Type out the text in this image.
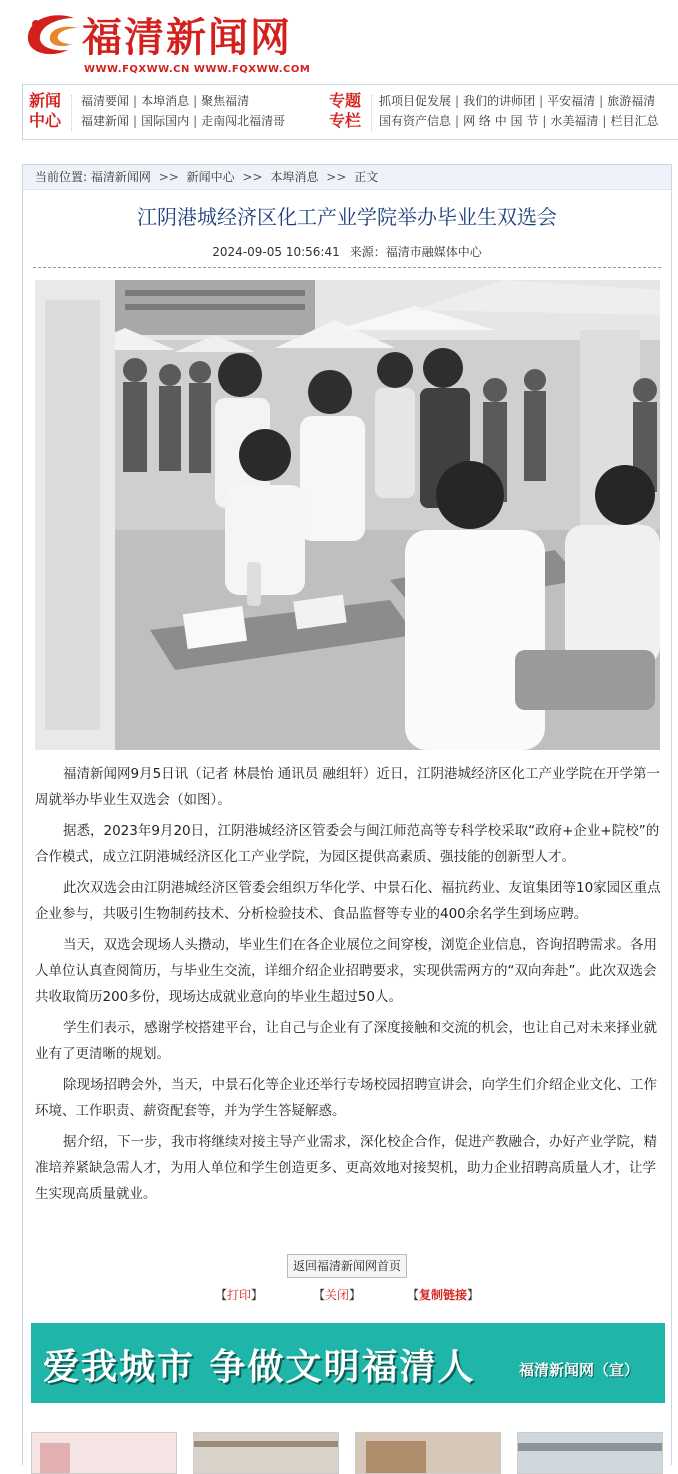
福清新闻网
WWW.FQXWW.CN WWW.FQXWW.COM
新闻中心
福清要闻 | 本埠消息 | 聚焦福清
福建新闻 | 国际国内 | 走南闯北福清哥
专题专栏
抓项目促发展 | 我们的讲师团 | 平安福清 | 旅游福清
国有资产信息 | 网 络 中 国 节 | 水美福清 | 栏目汇总
当前位置: 福清新闻网 >> 新闻中心 >> 本埠消息 >> 正文
江阴港城经济区化工产业学院举办毕业生双选会
2024-09-05 10:56:41 来源：福清市融媒体中心

福清新闻网9月5日讯（记者 林晨怡 通讯员 融组轩）近日，江阴港城经济区化工产业学院在开学第一周就举办毕业生双选会（如图）。

据悉，2023年9月20日，江阴港城经济区管委会与闽江师范高等专科学校采取“政府+企业+院校”的合作模式，成立江阴港城经济区化工产业学院，为园区提供高素质、强技能的创新型人才。

此次双选会由江阴港城经济区管委会组织万华化学、中景石化、福抗药业、友谊集团等10家园区重点企业参与，共吸引生物制药技术、分析检验技术、食品监督等专业的400余名学生到场应聘。

当天，双选会现场人头攒动，毕业生们在各企业展位之间穿梭，浏览企业信息，咨询招聘需求。各用人单位认真查阅简历，与毕业生交流，详细介绍企业招聘要求，实现供需两方的“双向奔赴”。此次双选会共收取简历200多份，现场达成就业意向的毕业生超过50人。

学生们表示，感谢学校搭建平台，让自己与企业有了深度接触和交流的机会，也让自己对未来择业就业有了更清晰的规划。

除现场招聘会外，当天，中景石化等企业还举行专场校园招聘宣讲会，向学生们介绍企业文化、工作环境、工作职责、薪资配套等，并为学生答疑解惑。

据介绍，下一步，我市将继续对接主导产业需求，深化校企合作，促进产教融合，办好产业学院，精准培养紧缺急需人才，为用人单位和学生创造更多、更高效地对接契机，助力企业招聘高质量人才，让学生实现高质量就业。

返回福清新闻网首页
【打印】	【关闭】	【复制链接】
爱我城市 争做文明福清人	福清新闻网（宣）
